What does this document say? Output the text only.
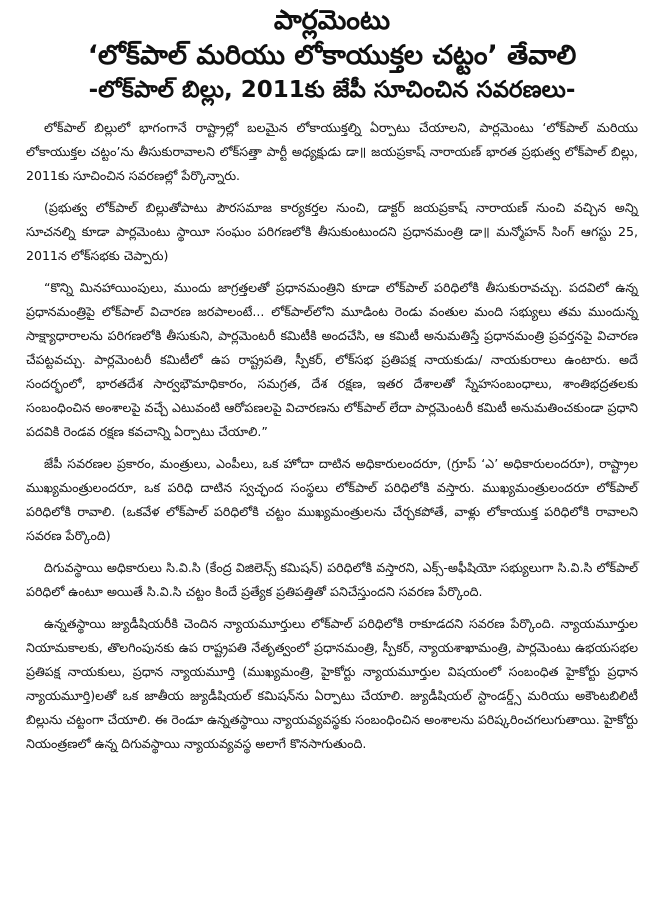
పార్లమెంటు
‘లోక్‌పాల్ మరియు లోకాయుక్తల చట్టం’ తేవాలి
-లోక్‌పాల్ బిల్లు, 2011కు జేపీ సూచించిన సవరణలు-

లోక్‌పాల్ బిల్లులో భాగంగానే రాష్ట్రాల్లో బలమైన లోకాయుక్తల్ని ఏర్పాటు చేయాలని, పార్లమెంటు ‘లోక్‌పాల్ మరియు లోకాయుక్తల చట్టం’ను తీసుకురావాలని లోక్‌సత్తా పార్టీ అధ్యక్షుడు డా॥ జయప్రకాష్ నారాయణ్ భారత ప్రభుత్వ లోక్‌పాల్ బిల్లు, 2011కు సూచించిన సవరణల్లో పేర్కొన్నారు.

(ప్రభుత్వ లోక్‌పాల్ బిల్లుతోపాటు పౌరసమాజ కార్యకర్తల నుంచి, డాక్టర్ జయప్రకాష్ నారాయణ్ నుంచి వచ్చిన అన్ని సూచనల్ని కూడా పార్లమెంటు స్థాయీ సంఘం పరిగణలోకి తీసుకుంటుందని ప్రధానమంత్రి డా॥ మన్మోహన్ సింగ్ ఆగస్టు 25, 2011న లోక్‌సభకు చెప్పారు)

“కొన్ని మినహాయింపులు, ముందు జాగ్రత్తలతో ప్రధానమంత్రిని కూడా లోక్‌పాల్ పరిధిలోకి తీసుకురావచ్చు. పదవిలో ఉన్న ప్రధానమంత్రిపై లోక్‌పాల్ విచారణ జరపాలంటే... లోక్‌పాల్‌లోని మూడింట రెండు వంతుల మంది సభ్యులు తమ ముందున్న సాక్ష్యాధారాలను పరిగణలోకి తీసుకుని, పార్లమెంటరీ కమిటీకి అందచేసి, ఆ కమిటీ అనుమతిస్తే ప్రధానమంత్రి ప్రవర్తనపై విచారణ చేపట్టవచ్చు. పార్లమెంటరీ కమిటీలో ఉప రాష్ట్రపతి, స్పీకర్, లోక్‌సభ ప్రతిపక్ష నాయకుడు/ నాయకురాలు ఉంటారు. అదే సందర్భంలో, భారతదేశ సార్వభౌమాధికారం, సమగ్రత, దేశ రక్షణ, ఇతర దేశాలతో స్నేహసంబంధాలు, శాంతిభద్రతలకు సంబంధించిన అంశాలపై వచ్చే ఎటువంటి ఆరోపణలపై విచారణను లోక్‌పాల్ లేదా పార్లమెంటరీ కమిటీ అనుమతించకుండా ప్రధాని పదవికి రెండవ రక్షణ కవచాన్ని ఏర్పాటు చేయాలి.”

జేపీ సవరణల ప్రకారం, మంత్రులు, ఎంపీలు, ఒక హోదా దాటిన అధికారులందరూ, (గ్రూప్ ‘ఎ’ అధికారులందరూ), రాష్ట్రాల ముఖ్యమంత్రులందరూ, ఒక పరిధి దాటిన స్వచ్ఛంద సంస్థలు లోక్‌పాల్ పరిధిలోకి వస్తారు. ముఖ్యమంత్రులందరూ లోక్‌పాల్ పరిధిలోకి రావాలి. (ఒకవేళ లోక్‌పాల్ పరిధిలోకి చట్టం ముఖ్యమంత్రులను చేర్చకపోతే, వాళ్లు లోకాయుక్త పరిధిలోకి రావాలని సవరణ పేర్కొంది)

దిగువస్థాయి అధికారులు సి.వి.సి (కేంద్ర విజిలెన్స్ కమిషన్) పరిధిలోకి వస్తారని, ఎక్స్-అఫీషియో సభ్యులుగా సి.వి.సి లోక్‌పాల్ పరిధిలో ఉంటూ అయితే సి.వి.సి చట్టం కిందే ప్రత్యేక ప్రతిపత్తితో పనిచేస్తుందని సవరణ పేర్కొంది.

ఉన్నతస్థాయి జ్యుడీషియరీకి చెందిన న్యాయమూర్తులు లోక్‌పాల్ పరిధిలోకి రాకూడదని సవరణ పేర్కొంది. న్యాయమూర్తుల నియామకాలకు, తొలగింపునకు ఉప రాష్ట్రపతి నేతృత్వంలో ప్రధానమంత్రి, స్పీకర్, న్యాయశాఖామంత్రి, పార్లమెంటు ఉభయసభల ప్రతిపక్ష నాయకులు, ప్రధాన న్యాయమూర్తి (ముఖ్యమంత్రి, హైకోర్టు న్యాయమూర్తుల విషయంలో సంబంధిత హైకోర్టు ప్రధాన న్యాయమూర్తి)లతో ఒక జాతీయ జ్యుడీషియల్ కమిషన్‌ను ఏర్పాటు చేయాలి. జ్యుడీషియల్ స్టాండర్డ్స్ మరియు అకౌంటబిలిటీ బిల్లును చట్టంగా చేయాలి. ఈ రెండూ ఉన్నతస్థాయి న్యాయవ్యవస్థకు సంబంధించిన అంశాలను పరిష్కరించగలుగుతాయి. హైకోర్టు నియంత్రణలో ఉన్న దిగువస్థాయి న్యాయవ్యవస్థ అలాగే కొనసాగుతుంది.
